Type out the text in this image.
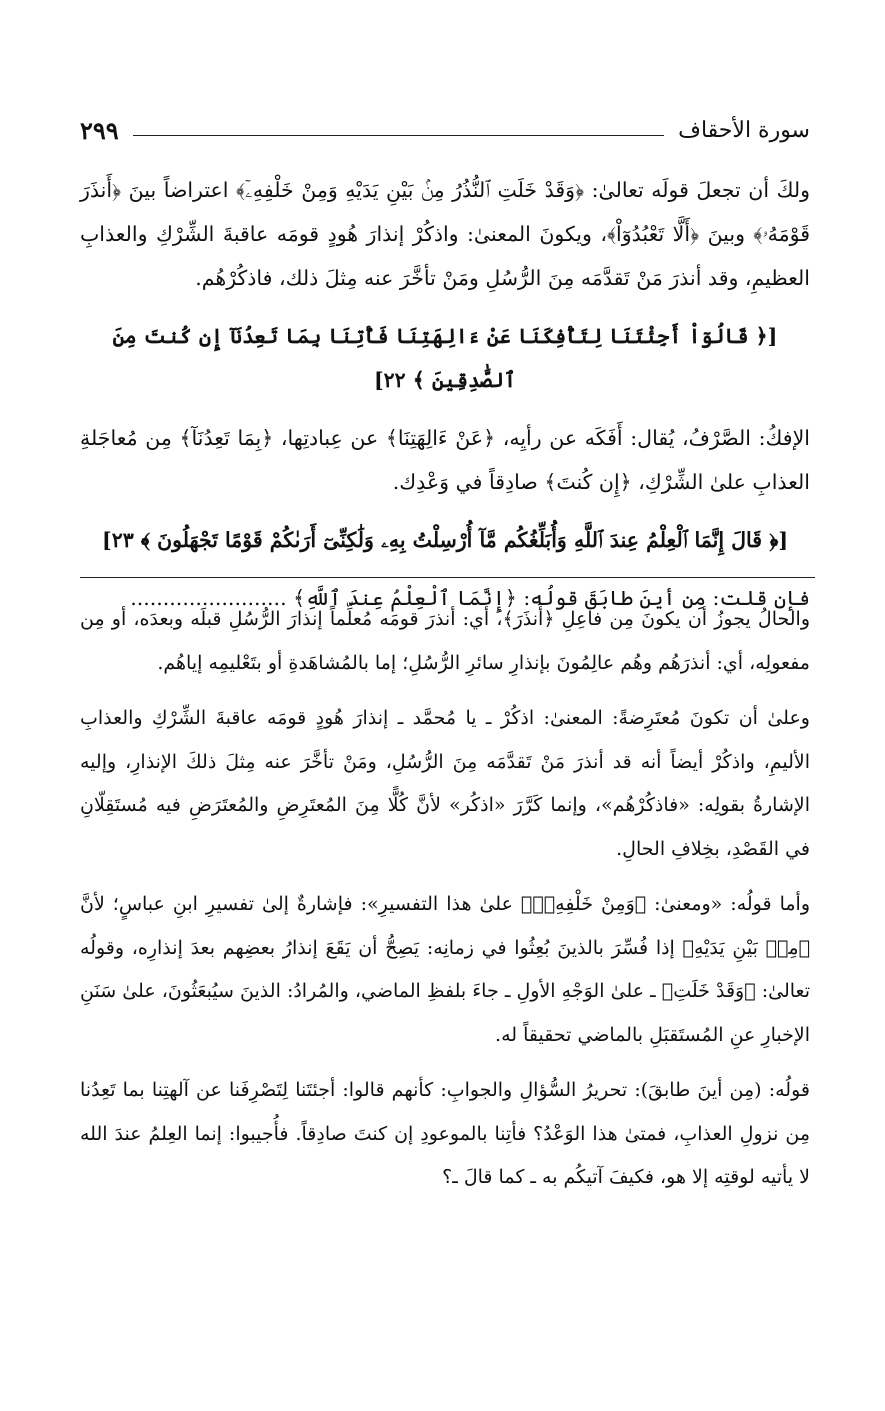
سورة الأحقاف
٢٩٩

ولكَ أن تجعلَ قولَه تعالىٰ: ﴿وَقَدْ خَلَتِ ٱلنُّذُرُ مِنۢ بَيْنِ يَدَيْهِ وَمِنْ خَلْفِهِۦٓ﴾ اعتراضاً بينَ ﴿أَنذَرَ قَوْمَهُۥ﴾ وبينَ ﴿أَلَّا تَعْبُدُوٓاْ﴾، ويكونَ المعنىٰ: واذكُرْ إنذارَ هُودٍ قومَه عاقبةَ الشِّرْكِ والعذابِ العظيمِ، وقد أنذرَ مَنْ تَقدَّمَه مِنَ الرُّسُلِ ومَنْ تأخَّرَ عنه مِثلَ ذلك، فاذكُرْهُم.

[﴿ قَالُوٓاْ أَجِئْتَنَا لِتَأْفِكَنَا عَنْ ءَالِهَتِنَا فَأْتِنَا بِمَا تَعِدُنَآ إِن كُنتَ مِنَ ٱلصَّٰدِقِينَ ﴾ ٢٢]

الإفكُ: الصَّرْفُ، يُقال: أَفَكَه عن رأيِه، ﴿عَنْ ءَالِهَتِنَا﴾ عن عِبادتِها، ﴿بِمَا تَعِدُنَآ﴾ مِن مُعاجَلةِ العذابِ علىٰ الشِّرْكِ، ﴿إِن كُنتَ﴾ صادِقاً في وَعْدِك.

[﴿ قَالَ إِنَّمَا ٱلْعِلْمُ عِندَ ٱللَّهِ وَأُبَلِّغُكُم مَّآ أُرْسِلْتُ بِهِۦ وَلَٰكِنِّىٓ أَرَىٰكُمْ قَوْمًا تَجْهَلُونَ ﴾ ٢٣]

فإن قلت: مِن أينَ طابَقَ قولُه: ﴿إِنَّمَا ٱلْعِلْمُ عِندَ ٱللَّهِ﴾ ........................

والحالُ يجوزُ أن يكونَ مِن فاعِلِ ﴿أَنذَرَ﴾، أي: أنذرَ قومَه مُعلِّماً إنذارَ الرُّسُلِ قبلَه وبعدَه، أو مِن مفعولِه، أي: أنذرَهُم وهُم عالِمُونَ بإنذارِ سائرِ الرُّسُلِ؛ إما بالمُشاهَدةِ أو بتَعْليمِه إياهُم.

وعلىٰ أن تكونَ مُعتَرِضةً: المعنىٰ: اذكُرْ ـ يا مُحمَّد ـ إنذارَ هُودٍ قومَه عاقبةَ الشِّرْكِ والعذابِ الأليمِ، واذكُرْ أيضاً أنه قد أنذرَ مَنْ تَقدَّمَه مِنَ الرُّسُلِ، ومَنْ تأخَّرَ عنه مِثلَ ذلكَ الإنذارِ، وإليه الإشارةُ بقولِه: «فاذكُرْهُم»، وإنما كَرَّرَ «اذكُر» لأنَّ كُلًّا مِنَ المُعتَرِضِ والمُعتَرَضِ فيه مُستَقِلّانِ في القَصْدِ، بخِلافِ الحالِ.

وأما قولُه: «ومعنىٰ: ﴿وَمِنْ خَلْفِهِۦٓ﴾ علىٰ هذا التفسيرِ»: فإشارةٌ إلىٰ تفسيرِ ابنِ عباسٍ؛ لأنَّ ﴿مِنۢ بَيْنِ يَدَيْهِ﴾ إذا فُسِّرَ بالذينَ بُعِثُوا في زمانِه: يَصِحُّ أن يَقَعَ إنذارُ بعضِهم بعدَ إنذارِه، وقولُه تعالىٰ: ﴿وَقَدْ خَلَتِ﴾ ـ علىٰ الوَجْهِ الأولِ ـ جاءَ بلفظِ الماضي، والمُرادُ: الذينَ سيُبعَثُونَ، علىٰ سَنَنِ الإخبارِ عنِ المُستَقبَلِ بالماضي تحقيقاً له.

قولُه: (مِن أينَ طابقَ): تحريرُ السُّؤالِ والجوابِ: كأنهم قالوا: أجئتَنا لِتَصْرِفَنا عن آلهتِنا بما تَعِدُنا مِن نزولِ العذابِ، فمتىٰ هذا الوَعْدُ؟ فأتِنا بالموعودِ إن كنتَ صادِقاً. فأُجيبوا: إنما العِلمُ عندَ الله لا يأتيه لوقتِه إلا هو، فكيفَ آتيكُم به ـ كما قالَ ـ؟
